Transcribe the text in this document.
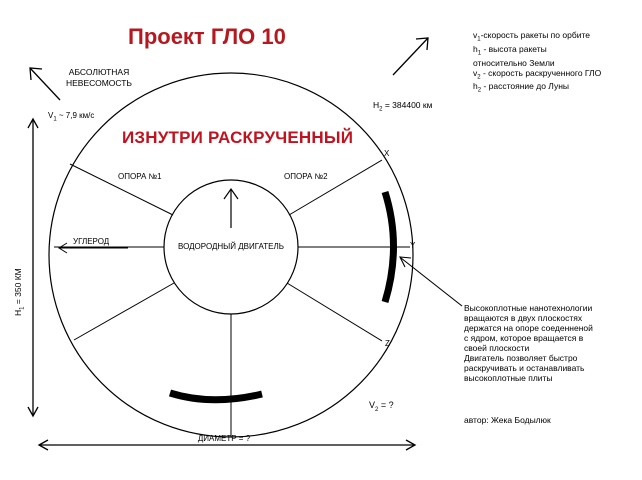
Проект ГЛО 10
ИЗНУТРИ РАСКРУЧЕННЫЙ
АБСОЛЮТНАЯ
НЕВЕСОМОСТЬ
$V_1$ ~ 7,9 км/с
$H_2 = 384400$ км
$H_1 = 350$ КМ
ОПОРА №1	ОПОРА №2
УГЛЕРОД
ВОДОРОДНЫЙ ДВИГАТЕЛЬ
X
Y
Z
$V_2$ = ?
ДИАМЕТР = ?
$v_1$-скорость ракеты по орбите
$h_1$ - высота ракеты
относительно Земли
$v_2$ - скорость раскрученного ГЛО
$h_2$ - расстояние до Луны
Высокоплотные нанотехнологии
вращаются в двух плоскостях
держатся на опоре соеденненой
с ядром, которое вращается в
своей плоскости
Двигатель позволяет быстро
раскручивать и останавливать
высокоплотные плиты
автор: Жека Бодылюк
